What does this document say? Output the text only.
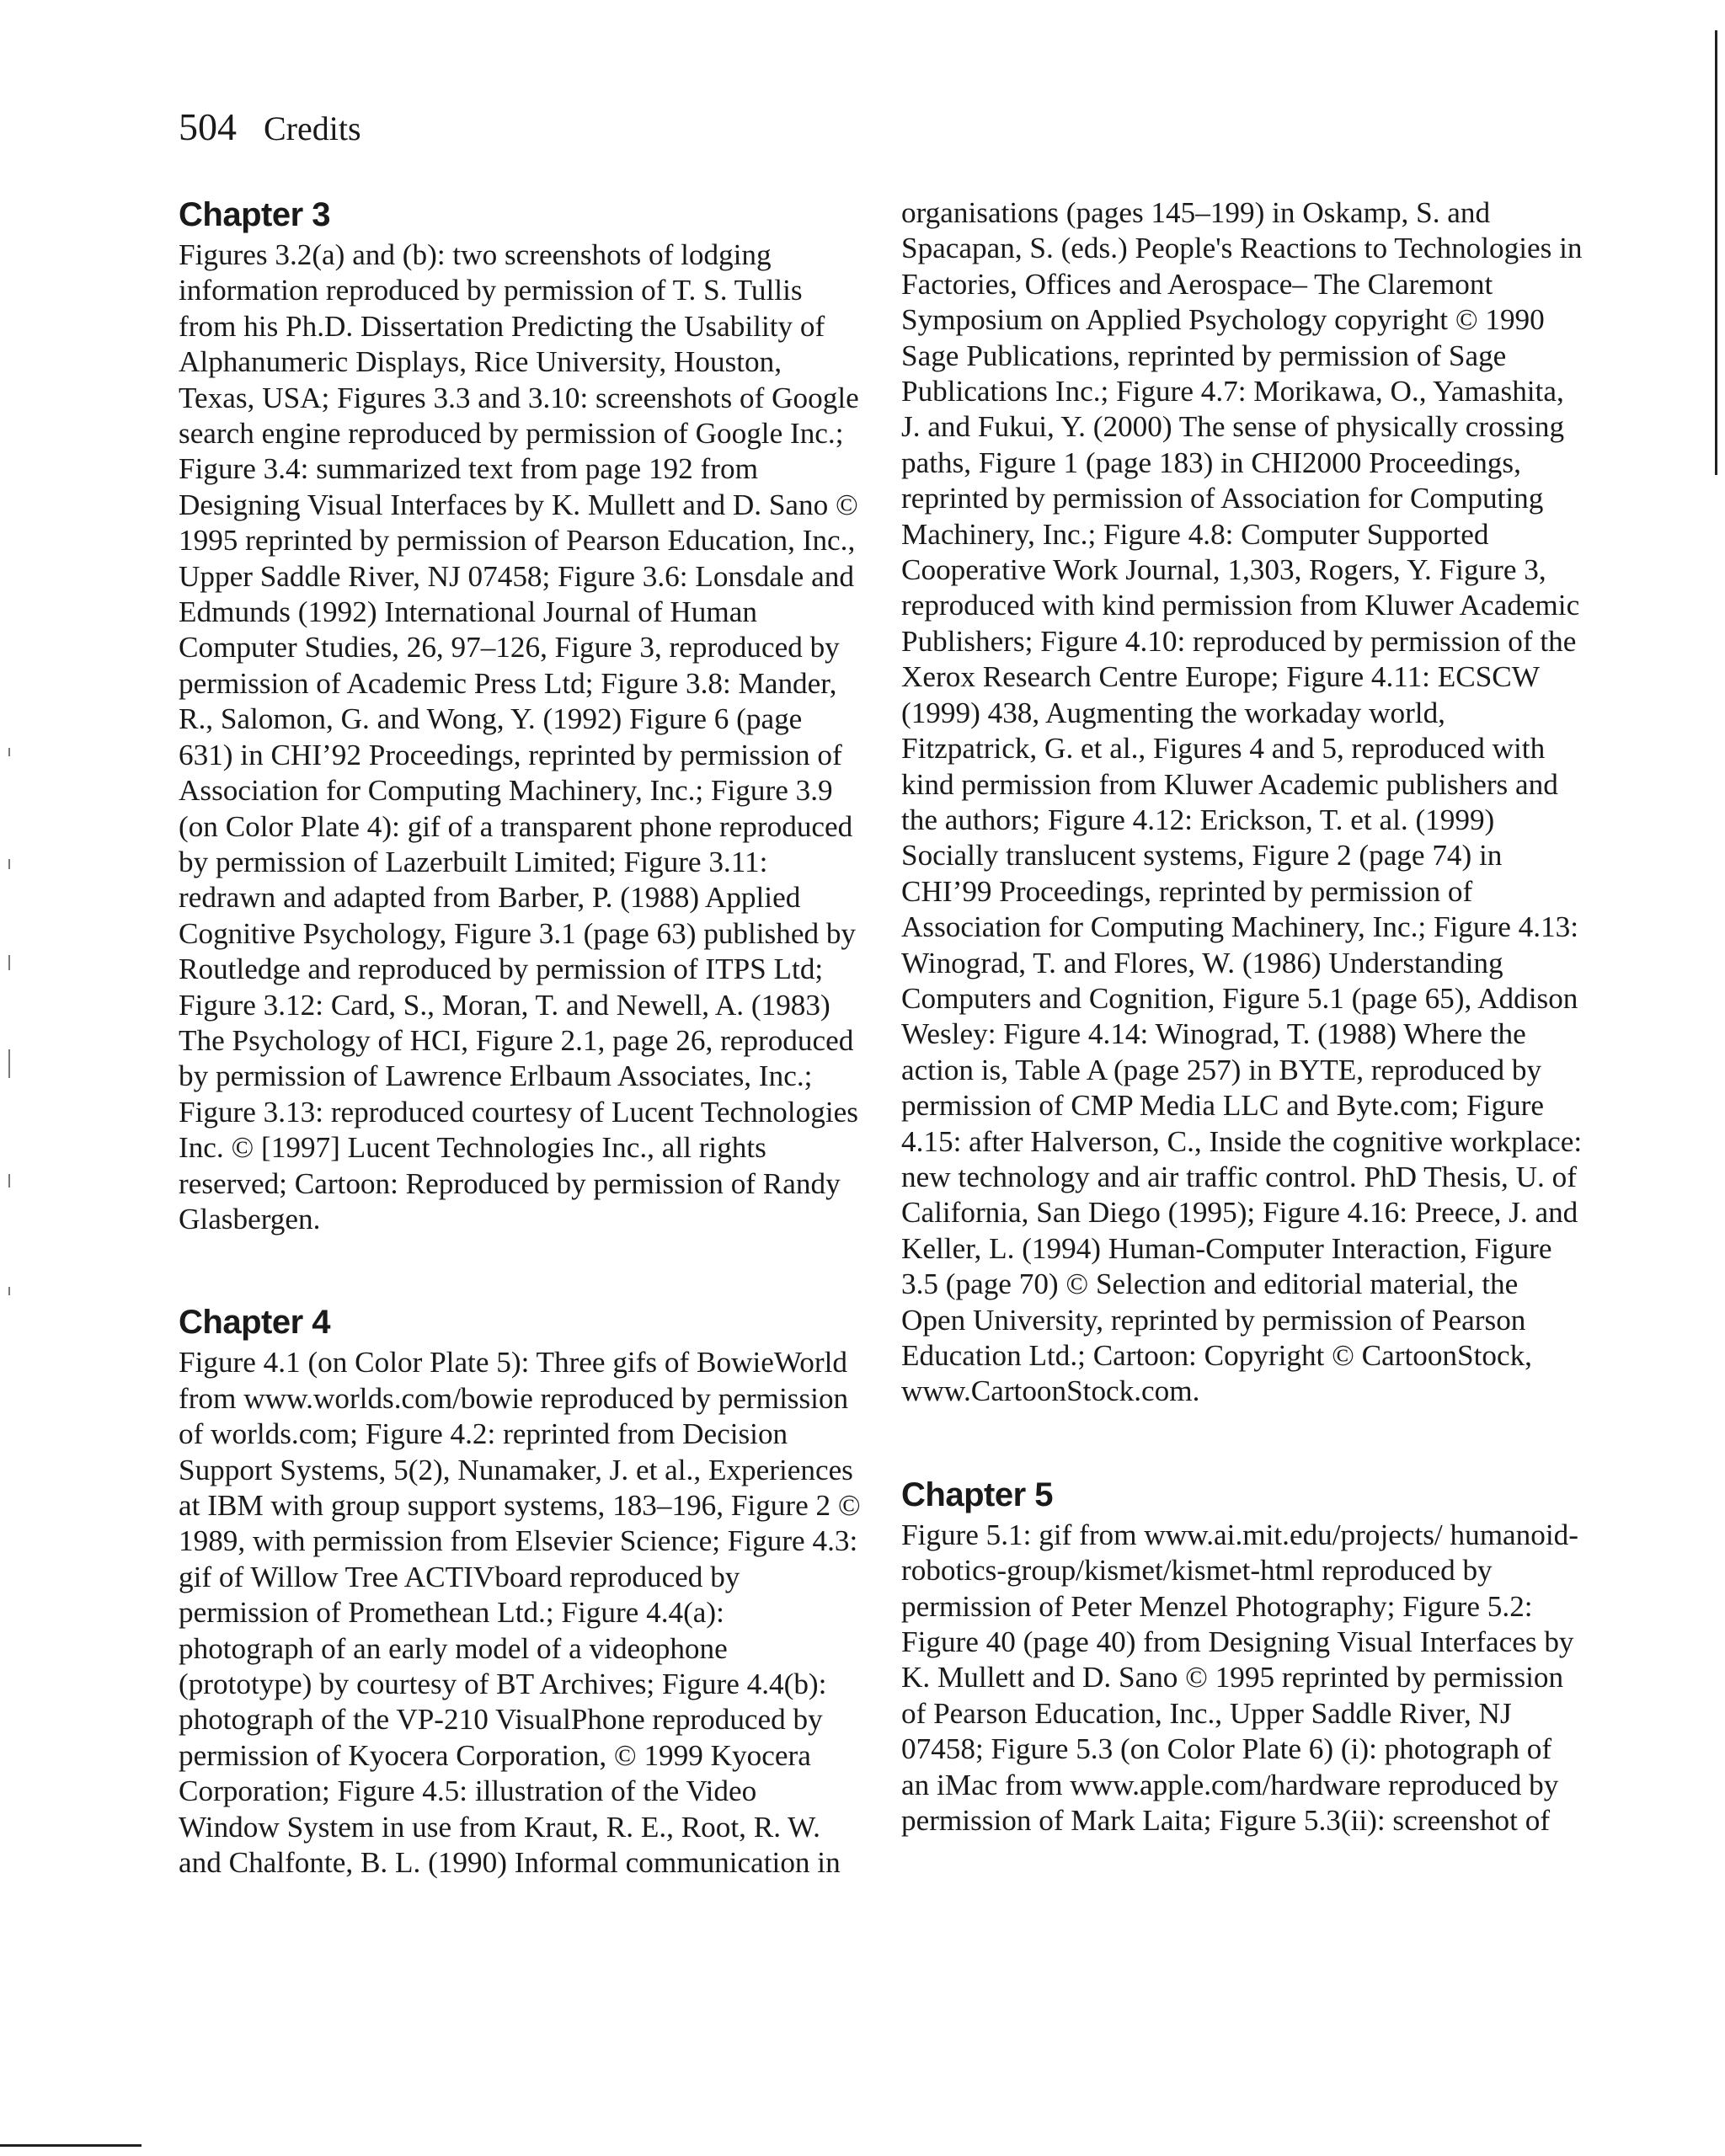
504 Credits
Chapter 3

Figures 3.2(a) and (b): two screenshots of lodging information reproduced by permission of T. S. Tullis from his Ph.D. Dissertation Predicting the Usability of Alphanumeric Displays, Rice University, Houston, Texas, USA; Figures 3.3 and 3.10: screenshots of Google search engine reproduced by permission of Google Inc.; Figure 3.4: summarized text from page 192 from Designing Visual Interfaces by K. Mullett and D. Sano © 1995 reprinted by permission of Pearson Education, Inc., Upper Saddle River, NJ 07458; Figure 3.6: Lonsdale and Edmunds (1992) International Journal of Human Computer Studies, 26, 97–126, Figure 3, reproduced by permission of Academic Press Ltd; Figure 3.8: Mander, R., Salomon, G. and Wong, Y. (1992) Figure 6 (page 631) in CHI’92 Proceedings, reprinted by permission of Association for Computing Machinery, Inc.; Figure 3.9 (on Color Plate 4): gif of a transparent phone reproduced by permission of Lazerbuilt Limited; Figure 3.11: redrawn and adapted from Barber, P. (1988) Applied Cognitive Psychology, Figure 3.1 (page 63) published by Routledge and reproduced by permission of ITPS Ltd; Figure 3.12: Card, S., Moran, T. and Newell, A. (1983) The Psychology of HCI, Figure 2.1, page 26, reproduced by permission of Lawrence Erlbaum Associates, Inc.; Figure 3.13: reproduced courtesy of Lucent Technologies Inc. © [1997] Lucent Technologies Inc., all rights reserved; Cartoon: Reproduced by permission of Randy Glasbergen.

Chapter 4

Figure 4.1 (on Color Plate 5): Three gifs of BowieWorld from www.worlds.com/bowie reproduced by permission of worlds.com; Figure 4.2: reprinted from Decision Support Systems, 5(2), Nunamaker, J. et al., Experiences at IBM with group support systems, 183–196, Figure 2 © 1989, with permission from Elsevier Science; Figure 4.3: gif of Willow Tree ACTIVboard reproduced by permission of Promethean Ltd.; Figure 4.4(a): photograph of an early model of a videophone (prototype) by courtesy of BT Archives; Figure 4.4(b): photograph of the VP-210 VisualPhone reproduced by permission of Kyocera Corporation, © 1999 Kyocera Corporation; Figure 4.5: illustration of the Video Window System in use from Kraut, R. E., Root, R. W. and Chalfonte, B. L. (1990) Informal communication in

organisations (pages 145–199) in Oskamp, S. and Spacapan, S. (eds.) People's Reactions to Technologies in Factories, Offices and Aerospace– The Claremont Symposium on Applied Psychology copyright © 1990 Sage Publications, reprinted by permission of Sage Publications Inc.; Figure 4.7: Morikawa, O., Yamashita, J. and Fukui, Y. (2000) The sense of physically crossing paths, Figure 1 (page 183) in CHI2000 Proceedings, reprinted by permission of Association for Computing Machinery, Inc.; Figure 4.8: Computer Supported Cooperative Work Journal, 1,303, Rogers, Y. Figure 3, reproduced with kind permission from Kluwer Academic Publishers; Figure 4.10: reproduced by permission of the Xerox Research Centre Europe; Figure 4.11: ECSCW (1999) 438, Augmenting the workaday world, Fitzpatrick, G. et al., Figures 4 and 5, reproduced with kind permission from Kluwer Academic publishers and the authors; Figure 4.12: Erickson, T. et al. (1999) Socially translucent systems, Figure 2 (page 74) in CHI’99 Proceedings, reprinted by permission of Association for Computing Machinery, Inc.; Figure 4.13: Winograd, T. and Flores, W. (1986) Understanding Computers and Cognition, Figure 5.1 (page 65), Addison Wesley: Figure 4.14: Winograd, T. (1988) Where the action is, Table A (page 257) in BYTE, reproduced by permission of CMP Media LLC and Byte.com; Figure 4.15: after Halverson, C., Inside the cognitive workplace: new technology and air traffic control. PhD Thesis, U. of California, San Diego (1995); Figure 4.16: Preece, J. and Keller, L. (1994) Human-Computer Interaction, Figure 3.5 (page 70) © Selection and editorial material, the Open University, reprinted by permission of Pearson Education Ltd.; Cartoon: Copyright © CartoonStock, www.CartoonStock.com.

Chapter 5

Figure 5.1: gif from www.ai.mit.edu/projects/ humanoid-robotics-group/kismet/kismet-html reproduced by permission of Peter Menzel Photography; Figure 5.2: Figure 40 (page 40) from Designing Visual Interfaces by K. Mullett and D. Sano © 1995 reprinted by permission of Pearson Education, Inc., Upper Saddle River, NJ 07458; Figure 5.3 (on Color Plate 6) (i): photograph of an iMac from www.apple.com/hardware reproduced by permission of Mark Laita; Figure 5.3(ii): screenshot of
